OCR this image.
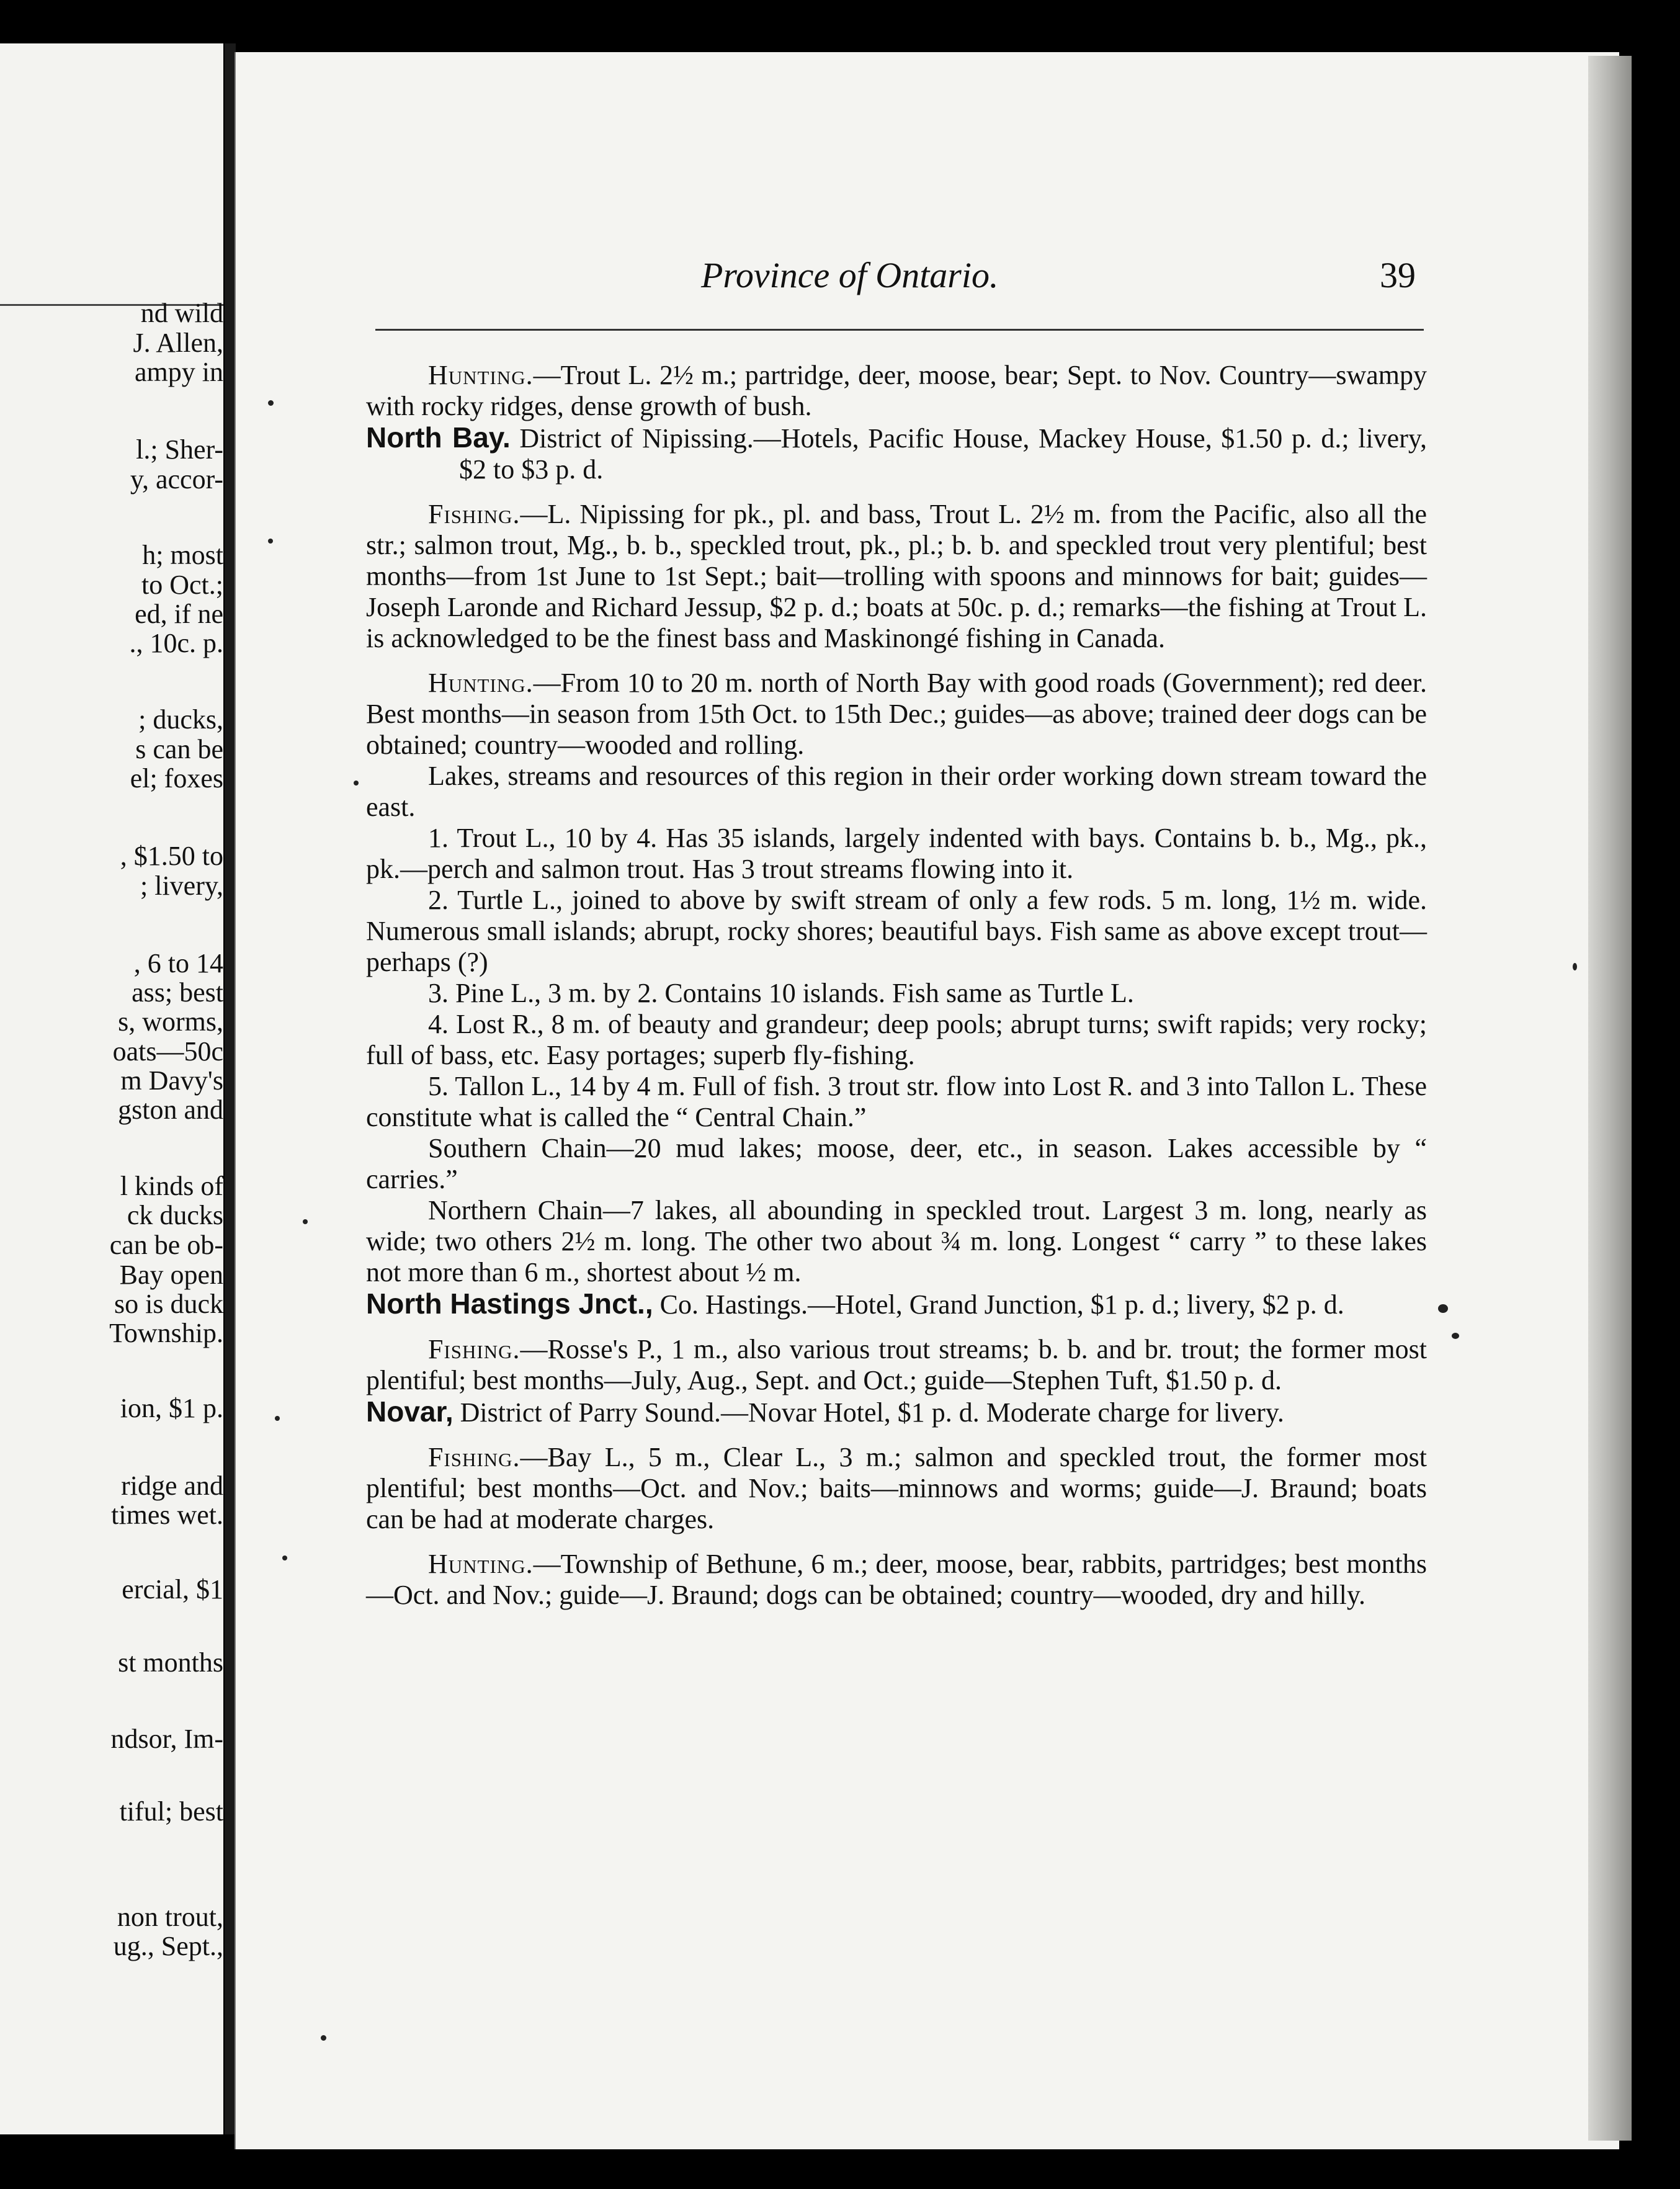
nd wild
J. Allen,
ampy in
l.; Sher-
y, accor-
h; most
to Oct.;
ed, if ne
., 10c. p.
; ducks,
s can be
el; foxes
, $1.50 to
; livery,
, 6 to 14
ass; best
s, worms,
oats—50c
m Davy's
gston and
l kinds of
ck ducks
can be ob-
Bay open
so is duck
Township.
ion, $1 p.
ridge and
times wet.
ercial, $1
st months
ndsor, Im-
tiful; best
non trout,
ug., Sept.,
Province of Ontario.	39

Hunting.—Trout L. 2½ m.; partridge, deer, moose, bear; Sept. to Nov. Country—swampy with rocky ridges, dense growth of bush.

North Bay. District of Nipissing.—Hotels, Pacific House, Mackey House, $1.50 p. d.; livery, $2 to $3 p. d.

Fishing.—L. Nipissing for pk., pl. and bass, Trout L. 2½ m. from the Pacific, also all the str.; salmon trout, Mg., b. b., speckled trout, pk., pl.; b. b. and speckled trout very plentiful; best months—from 1st June to 1st Sept.; bait—trolling with spoons and minnows for bait; guides—Joseph Laronde and Richard Jessup, $2 p. d.; boats at 50c. p. d.; remarks—the fishing at Trout L. is acknowledged to be the finest bass and Maskinongé fishing in Canada.

Hunting.—From 10 to 20 m. north of North Bay with good roads (Government); red deer. Best months—in season from 15th Oct. to 15th Dec.; guides—as above; trained deer dogs can be obtained; country—wooded and rolling.

Lakes, streams and resources of this region in their order working down stream toward the east.

1. Trout L., 10 by 4. Has 35 islands, largely indented with bays. Contains b. b., Mg., pk., pk.—perch and salmon trout. Has 3 trout streams flowing into it.

2. Turtle L., joined to above by swift stream of only a few rods. 5 m. long, 1½ m. wide. Numerous small islands; abrupt, rocky shores; beautiful bays. Fish same as above except trout—perhaps (?)

3. Pine L., 3 m. by 2. Contains 10 islands. Fish same as Turtle L.

4. Lost R., 8 m. of beauty and grandeur; deep pools; abrupt turns; swift rapids; very rocky; full of bass, etc. Easy portages; superb fly-fishing.

5. Tallon L., 14 by 4 m. Full of fish. 3 trout str. flow into Lost R. and 3 into Tallon L. These constitute what is called the “ Central Chain.”

Southern Chain—20 mud lakes; moose, deer, etc., in season. Lakes accessible by “ carries.”

Northern Chain—7 lakes, all abounding in speckled trout. Largest 3 m. long, nearly as wide; two others 2½ m. long. The other two about ¾ m. long. Longest “ carry ” to these lakes not more than 6 m., shortest about ½ m.

North Hastings Jnct., Co. Hastings.—Hotel, Grand Junction, $1 p. d.; livery, $2 p. d.

Fishing.—Rosse's P., 1 m., also various trout streams; b. b. and br. trout; the former most plentiful; best months—July, Aug., Sept. and Oct.; guide—Stephen Tuft, $1.50 p. d.

Novar, District of Parry Sound.—Novar Hotel, $1 p. d. Moderate charge for livery.

Fishing.—Bay L., 5 m., Clear L., 3 m.; salmon and speckled trout, the former most plentiful; best months—Oct. and Nov.; baits—minnows and worms; guide—J. Braund; boats can be had at moderate charges.

Hunting.—Township of Bethune, 6 m.; deer, moose, bear, rabbits, partridges; best months—Oct. and Nov.; guide—J. Braund; dogs can be obtained; country—wooded, dry and hilly.
